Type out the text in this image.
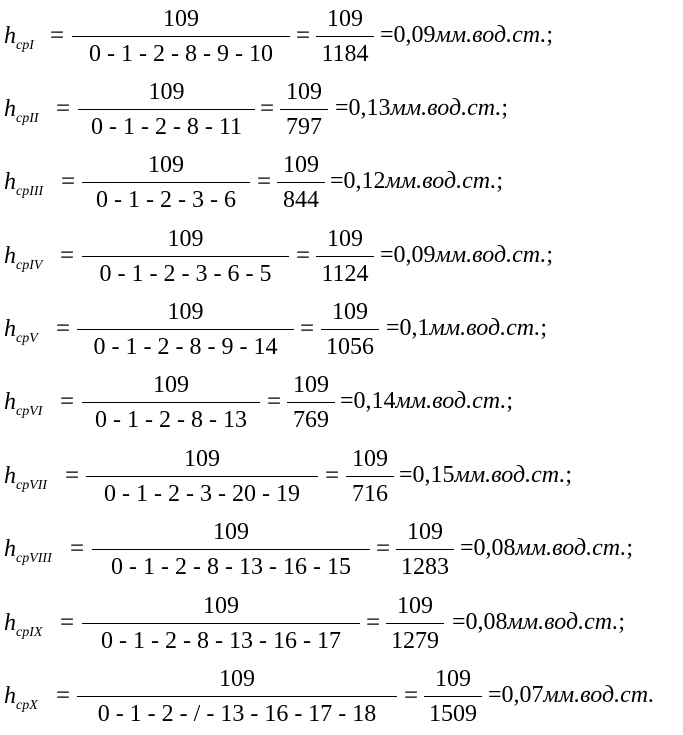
$h_{срI}$ =
109
0 - 1 - 2 - 8 - 9 - 10
=
109
1184
=0,09мм.вод.ст.;
$h_{срII}$ =
109
0 - 1 - 2 - 8 - 11
=
109
797
=0,13мм.вод.ст.;
$h_{срIII}$ =
109
0 - 1 - 2 - 3 - 6
=
109
844
=0,12мм.вод.ст.;
$h_{срIV}$ =
109
0 - 1 - 2 - 3 - 6 - 5
=
109
1124
=0,09мм.вод.ст.;
$h_{срV}$ =
109
0 - 1 - 2 - 8 - 9 - 14
=
109
1056
=0,1мм.вод.ст.;
$h_{срVI}$ =
109
0 - 1 - 2 - 8 - 13
=
109
769
=0,14мм.вод.ст.;
$h_{срVII}$ =
109
0 - 1 - 2 - 3 - 20 - 19
=
109
716
=0,15мм.вод.ст.;
$h_{срVIII}$ =
109
0 - 1 - 2 - 8 - 13 - 16 - 15
=
109
1283
=0,08мм.вод.ст.;
$h_{срIX}$ =
109
0 - 1 - 2 - 8 - 13 - 16 - 17
=
109
1279
=0,08мм.вод.ст.;
$h_{срX}$ =
109
0 - 1 - 2 - / - 13 - 16 - 17 - 18
=
109
1509
=0,07мм.вод.ст.
